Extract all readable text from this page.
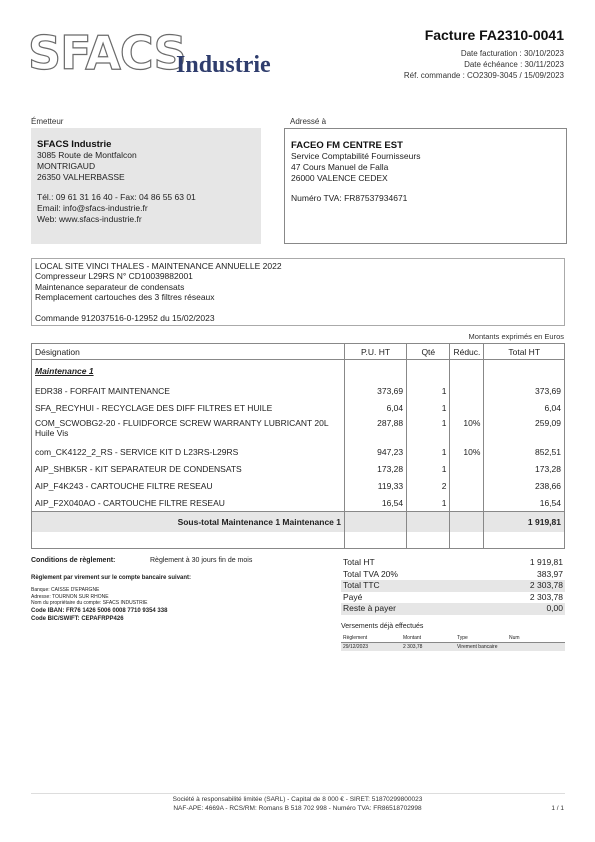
SFACS
Industrie
Facture FA2310-0041
Date facturation : 30/10/2023
Date échéance : 30/11/2023
Réf. commande : CO2309-3045 / 15/09/2023
Émetteur
SFACS Industrie
3085 Route de Montfalcon
MONTRIGAUD
26350 VALHERBASSE
Tél.: 09 61 31 16 40 - Fax: 04 86 55 63 01
Email: info@sfacs-industrie.fr
Web: www.sfacs-industrie.fr
Adressé à
FACEO FM CENTRE EST
Service Comptabilité Fournisseurs
47 Cours Manuel de Falla
26000 VALENCE CEDEX
Numéro TVA: FR87537934671
LOCAL SITE VINCI THALES - MAINTENANCE ANNUELLE 2022
Compresseur L29RS N° CD10039882001
Maintenance separateur de condensats
Remplacement cartouches des 3 filtres réseaux

Commande 912037516-0-12952 du 15/02/2023
Montants exprimés en Euros
Désignation	P.U. HT	Qté	Réduc.	Total HT
Maintenance 1				
EDR38 - FORFAIT MAINTENANCE	373,69	1		373,69
SFA_RECYHUI - RECYCLAGE DES DIFF FILTRES ET HUILE	6,04	1		6,04

COM_SCWOBG2-20 - FLUIDFORCE SCREW WARRANTY LUBRICANT 20L
Huile Vis	287,88	1	10%	259,09
com_CK4122_2_RS - SERVICE KIT D L23RS-L29RS	947,23	1	10%	852,51
AIP_SHBK5R - KIT SEPARATEUR DE CONDENSATS	173,28	1		173,28
AIP_F4K243 - CARTOUCHE FILTRE RESEAU	119,33	2		238,66
AIP_F2X040AO - CARTOUCHE FILTRE RESEAU	16,54	1		16,54
Sous-total Maintenance 1 Maintenance 1				1 919,81

Conditions de règlement:	Règlement à 30 jours fin de mois
Règlement par virement sur le compte bancaire suivant:
Banque: CAISSE D'EPARGNE
Adresse: TOURNON SUR RHONE
Nom du propriétaire du compte: SFACS INDUSTRIE
Code IBAN: FR76 1426 5006 0008 7710 9354 338
Code BIC/SWIFT: CEPAFRPP426
Total HT	1 919,81
Total TVA 20%	383,97
Total TTC	2 303,78
Payé	2 303,78
Reste à payer	0,00
Versements déjà effectués
Règlement	Montant	Type	Num
29/12/2023	2 303,78	Virement bancaire
Société à responsabilité limitée (SARL) - Capital de 8 000 € - SIRET: 51870299800023
NAF-APE: 4669A - RCS/RM: Romans B 518 702 998 - Numéro TVA: FR86518702998	1 / 1
